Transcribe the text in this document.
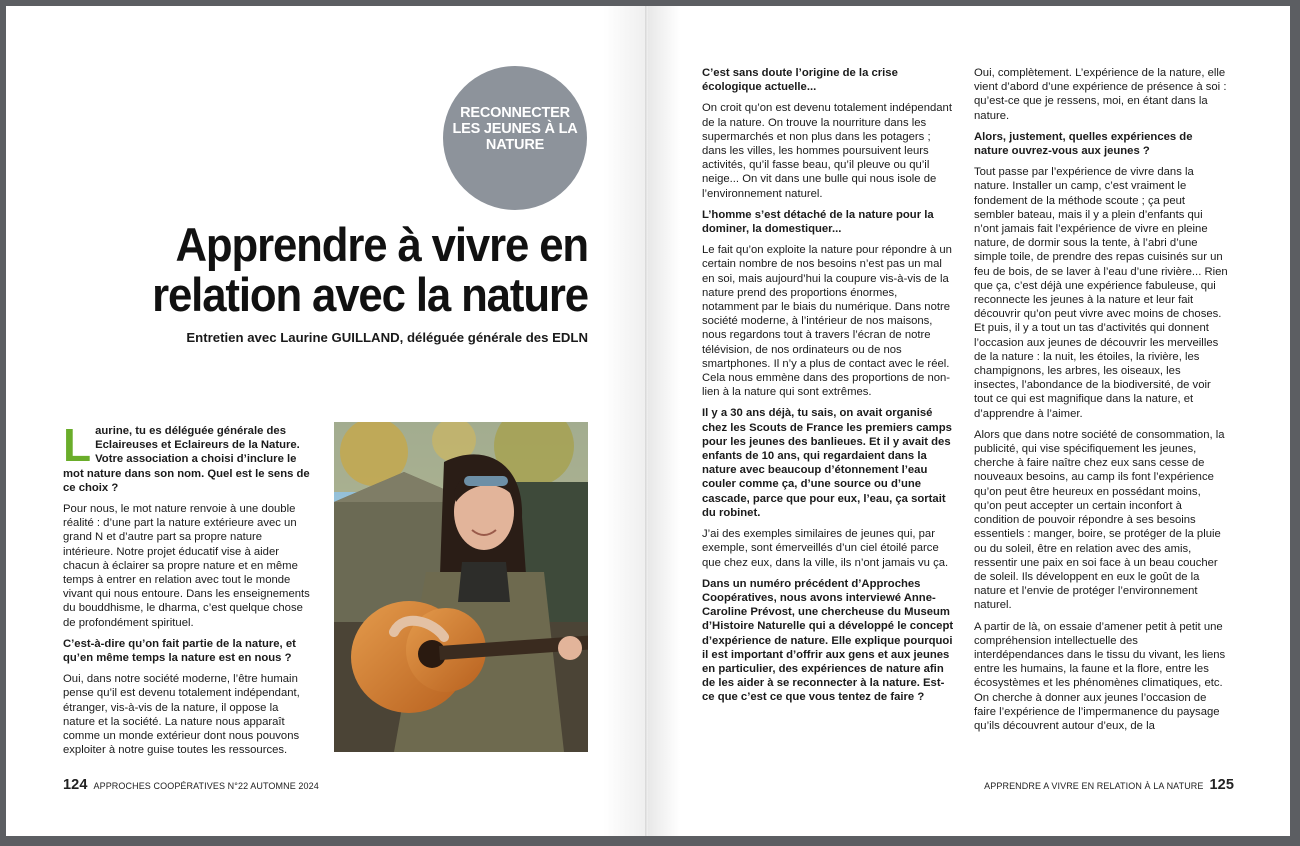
RECONNECTER LES JEUNES À LA NATURE
Apprendre à vivre en relation avec la nature

Entretien avec Laurine GUILLAND, déléguée générale des EDLN

Laurine, tu es déléguée générale des Eclaireuses et Eclaireurs de la Nature. Votre association a choisi d’inclure le mot nature dans son nom. Quel est le sens de ce choix ?

Pour nous, le mot nature renvoie à une double réalité : d’une part la nature extérieure avec un grand N et d’autre part sa propre nature intérieure. Notre projet éducatif vise à aider chacun à éclairer sa propre nature et en même temps à entrer en relation avec tout le monde vivant qui nous entoure. Dans les enseignements du bouddhisme, le dharma, c’est quelque chose de profondément spirituel.

C’est-à-dire qu’on fait partie de la nature, et qu’en même temps la nature est en nous ?

Oui, dans notre société moderne, l’être humain pense qu’il est devenu totalement indépendant, étranger, vis-à-vis de la nature, il oppose la nature et la société. La nature nous apparaît comme un monde extérieur dont nous pouvons exploiter à notre guise toutes les ressources.

124 APPROCHES COOPÉRATIVES N°22 AUTOMNE 2024

C’est sans doute l’origine de la crise écologique actuelle...

On croit qu’on est devenu totalement indépendant de la nature. On trouve la nourriture dans les supermarchés et non plus dans les potagers ; dans les villes, les hommes poursuivent leurs activités, qu’il fasse beau, qu’il pleuve ou qu’il neige... On vit dans une bulle qui nous isole de l’environnement naturel.

L’homme s’est détaché de la nature pour la dominer, la domestiquer...

Le fait qu’on exploite la nature pour répondre à un certain nombre de nos besoins n’est pas un mal en soi, mais aujourd’hui la coupure vis-à-vis de la nature prend des proportions énormes, notamment par le biais du numérique. Dans notre société moderne, à l’intérieur de nos maisons, nous regardons tout à travers l’écran de notre télévision, de nos ordinateurs ou de nos smartphones. Il n’y a plus de contact avec le réel. Cela nous emmène dans des proportions de non-lien à la nature qui sont extrêmes.

Il y a 30 ans déjà, tu sais, on avait organisé chez les Scouts de France les premiers camps pour les jeunes des banlieues. Et il y avait des enfants de 10 ans, qui regardaient dans la nature avec beaucoup d’étonnement l’eau couler comme ça, d’une source ou d’une cascade, parce que pour eux, l’eau, ça sortait du robinet.

J’ai des exemples similaires de jeunes qui, par exemple, sont émerveillés d’un ciel étoilé parce que chez eux, dans la ville, ils n’ont jamais vu ça.

Dans un numéro précédent d’Approches Coopératives, nous avons interviewé Anne-Caroline Prévost, une chercheuse du Museum d’Histoire Naturelle qui a développé le concept d’expérience de nature. Elle explique pourquoi il est important d’offrir aux gens et aux jeunes en particulier, des expériences de nature afin de les aider à se reconnecter à la nature. Est-ce que c’est ce que vous tentez de faire ?

Oui, complètement. L’expérience de la nature, elle vient d’abord d’une expérience de présence à soi : qu’est-ce que je ressens, moi, en étant dans la nature.

Alors, justement, quelles expériences de nature ouvrez-vous aux jeunes ?

Tout passe par l’expérience de vivre dans la nature. Installer un camp, c’est vraiment le fondement de la méthode scoute ; ça peut sembler bateau, mais il y a plein d’enfants qui n’ont jamais fait l’expérience de vivre en pleine nature, de dormir sous la tente, à l’abri d’une simple toile, de prendre des repas cuisinés sur un feu de bois, de se laver à l’eau d’une rivière... Rien que ça, c’est déjà une expérience fabuleuse, qui reconnecte les jeunes à la nature et leur fait découvrir qu’on peut vivre avec moins de choses. Et puis, il y a tout un tas d’activités qui donnent l’occasion aux jeunes de découvrir les merveilles de la nature : la nuit, les étoiles, la rivière, les champignons, les arbres, les oiseaux, les insectes, l’abondance de la biodiversité, de voir tout ce qui est magnifique dans la nature, et d’apprendre à l’aimer.

Alors que dans notre société de consommation, la publicité, qui vise spécifiquement les jeunes, cherche à faire naître chez eux sans cesse de nouveaux besoins, au camp ils font l’expérience qu’on peut être heureux en possédant moins, qu’on peut accepter un certain inconfort à condition de pouvoir répondre à ses besoins essentiels : manger, boire, se protéger de la pluie ou du soleil, être en relation avec des amis, ressentir une paix en soi face à un beau coucher de soleil. Ils développent en eux le goût de la nature et l’envie de protéger l’environnement naturel.

A partir de là, on essaie d’amener petit à petit une compréhension intellectuelle des interdépendances dans le tissu du vivant, les liens entre les humains, la faune et la flore, entre les écosystèmes et les phénomènes climatiques, etc. On cherche à donner aux jeunes l’occasion de faire l’expérience de l’impermanence du paysage qu’ils découvrent autour d’eux, de la

APPRENDRE A VIVRE EN RELATION À LA NATURE 125
